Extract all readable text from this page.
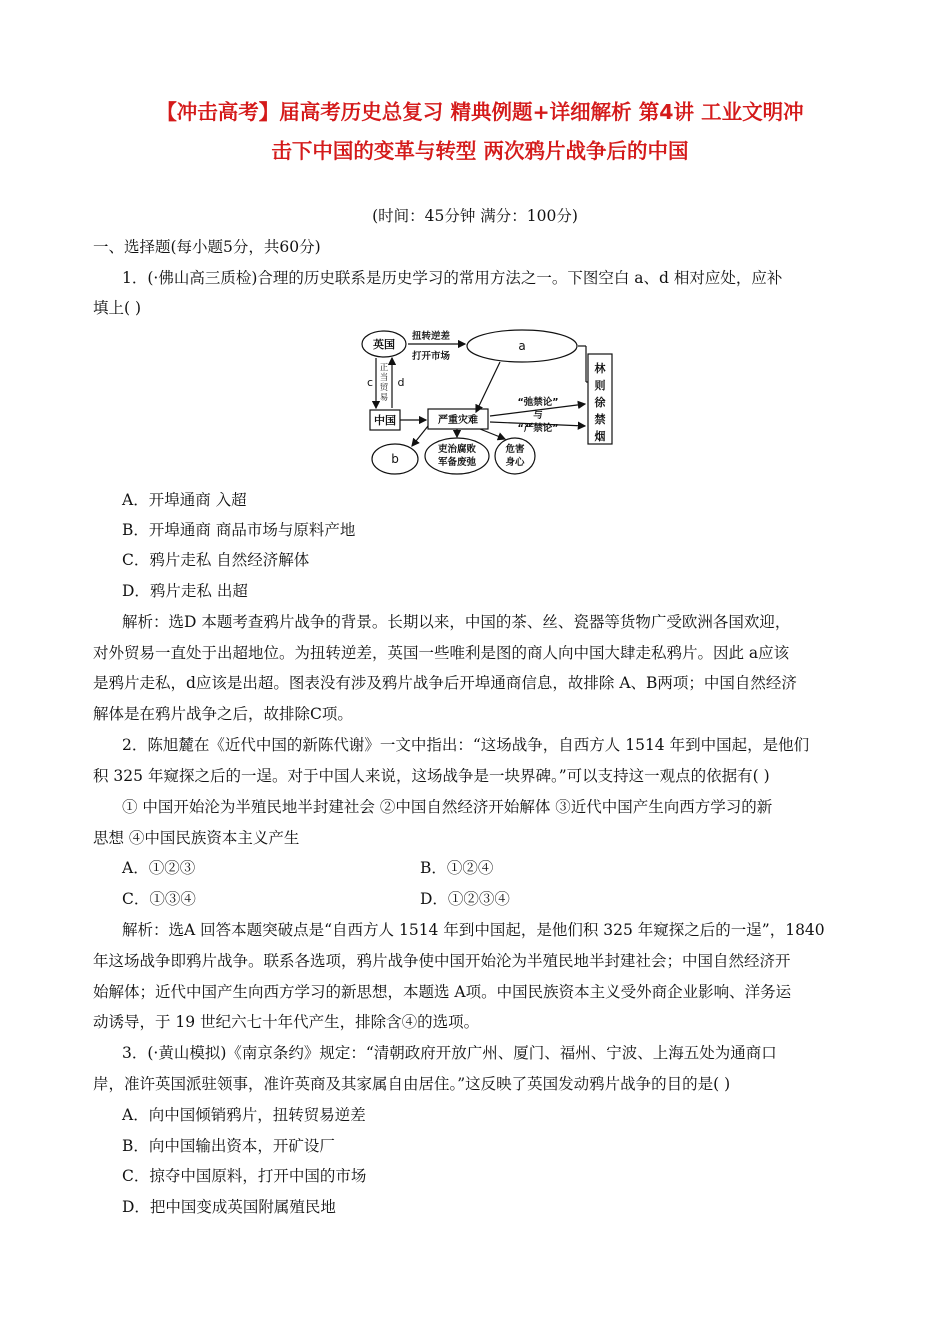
【冲击高考】届高考历史总复习 精典例题+详细解析 第4讲 工业文明冲
击下中国的变革与转型 两次鸦片战争后的中国
(时间：45分钟 满分：100分)
一、选择题(每小题5分，共60分)
1．(·佛山高三质检)合理的历史联系是历史学习的常用方法之一。下图空白 a、d 相对应处，应补
填上( )
英国	a
中国
b
c d
扭转逆差
打开市场
正
当
贸
易
严重灾难
吏治腐败
军备废弛
危害
身心
“弛禁论”
与
“严禁论”
林
则
徐
禁
烟
A．开埠通商 入超
B．开埠通商 商品市场与原料产地
C．鸦片走私 自然经济解体
D．鸦片走私 出超
解析：选D 本题考查鸦片战争的背景。长期以来，中国的茶、丝、瓷器等货物广受欧洲各国欢迎，
对外贸易一直处于出超地位。为扭转逆差，英国一些唯利是图的商人向中国大肆走私鸦片。因此 a应该
是鸦片走私，d应该是出超。图表没有涉及鸦片战争后开埠通商信息，故排除 A、B两项；中国自然经济
解体是在鸦片战争之后，故排除C项。
2．陈旭麓在《近代中国的新陈代谢》一文中指出：“这场战争，自西方人 1514 年到中国起，是他们
积 325 年窥探之后的一逞。对于中国人来说，这场战争是一块界碑。”可以支持这一观点的依据有( )
① 中国开始沦为半殖民地半封建社会 ②中国自然经济开始解体 ③近代中国产生向西方学习的新
思想 ④中国民族资本主义产生
A．①②③	B．①②④
C．①③④	D．①②③④
解析：选A 回答本题突破点是“自西方人 1514 年到中国起，是他们积 325 年窥探之后的一逞”，1840
年这场战争即鸦片战争。联系各选项，鸦片战争使中国开始沦为半殖民地半封建社会；中国自然经济开
始解体；近代中国产生向西方学习的新思想，本题选 A项。中国民族资本主义受外商企业影响、洋务运
动诱导，于 19 世纪六七十年代产生，排除含④的选项。
3．(·黄山模拟)《南京条约》规定：“清朝政府开放广州、厦门、福州、宁波、上海五处为通商口
岸，准许英国派驻领事，准许英商及其家属自由居住。”这反映了英国发动鸦片战争的目的是( )
A．向中国倾销鸦片，扭转贸易逆差
B．向中国输出资本，开矿设厂
C．掠夺中国原料，打开中国的市场
D．把中国变成英国附属殖民地
